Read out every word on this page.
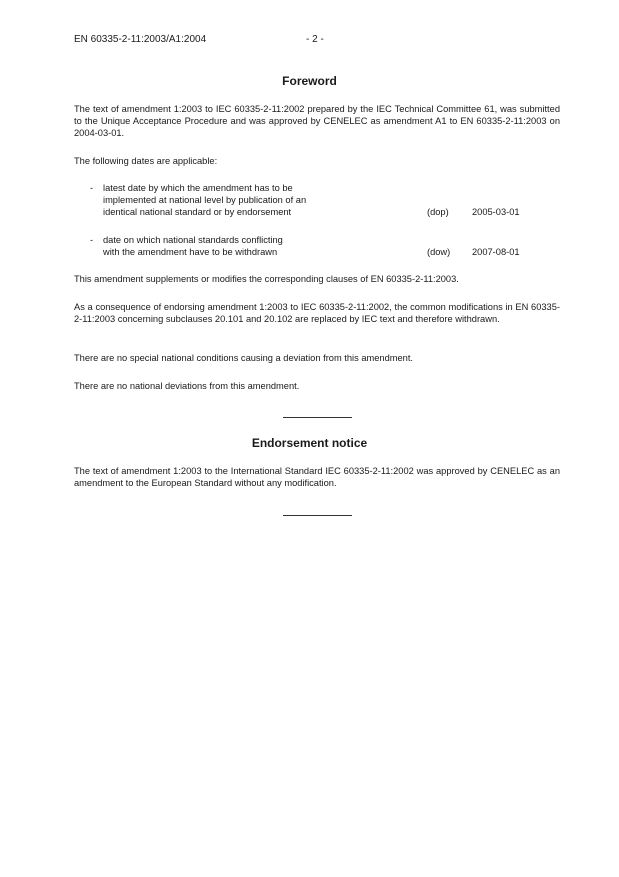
EN 60335-2-11:2003/A1:2004	- 2 -
Foreword

The text of amendment 1:2003 to IEC 60335-2-11:2002 prepared by the IEC Technical Committee 61, was submitted to the Unique Acceptance Procedure and was approved by CENELEC as amendment A1 to EN 60335-2-11:2003 on 2004-03-01.

The following dates are applicable:

- latest date by which the amendment has to be
implemented at national level by publication of an
identical national standard or by endorsement	(dop)	2005-03-01
- date on which national standards conflicting
with the amendment have to be withdrawn	(dow) 2007-08-01

This amendment supplements or modifies the corresponding clauses of EN 60335-2-11:2003.

As a consequence of endorsing amendment 1:2003 to IEC 60335-2-11:2002, the common modifications in EN 60335-2-11:2003 concerning subclauses 20.101 and 20.102 are replaced by IEC text and therefore withdrawn.

There are no special national conditions causing a deviation from this amendment.

There are no national deviations from this amendment.

Endorsement notice

The text of amendment 1:2003 to the International Standard IEC 60335-2-11:2002 was approved by CENELEC as an amendment to the European Standard without any modification.
